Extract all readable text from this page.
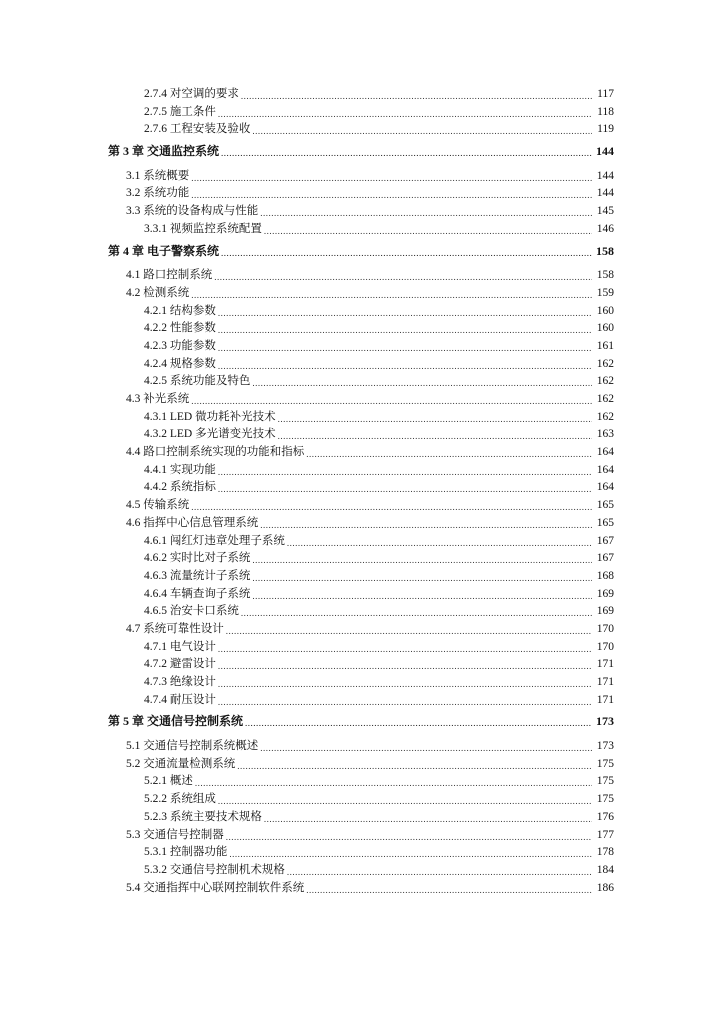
2.7.4 对空调的要求 .....	117
2.7.5 施工条件 .....	118
2.7.6 工程安装及验收 .....	119
第 3 章 交通监控系统 .....	144
3.1 系统概要 .....	144
3.2 系统功能 .....	144
3.3 系统的设备构成与性能 .....	145
3.3.1 视频监控系统配置 .....	146
第 4 章 电子警察系统 .....	158
4.1 路口控制系统 .....	158
4.2 检测系统 .....	159
4.2.1 结构参数 .....	160
4.2.2 性能参数 .....	160
4.2.3 功能参数 .....	161
4.2.4 规格参数 .....	162
4.2.5 系统功能及特色 .....	162
4.3 补光系统 .....	162
4.3.1 LED 微功耗补光技术 .....	162
4.3.2 LED 多光谱变光技术 .....	163
4.4 路口控制系统实现的功能和指标 .....	164
4.4.1 实现功能 .....	164
4.4.2 系统指标 .....	164
4.5 传输系统 .....	165
4.6 指挥中心信息管理系统 .....	165
4.6.1 闯红灯违章处理子系统 .....	167
4.6.2 实时比对子系统 .....	167
4.6.3 流量统计子系统 .....	168
4.6.4 车辆查询子系统 .....	169
4.6.5 治安卡口系统 .....	169
4.7 系统可靠性设计 .....	170
4.7.1 电气设计 .....	170
4.7.2 避雷设计 .....	171
4.7.3 绝缘设计 .....	171
4.7.4 耐压设计 .....	171
第 5 章 交通信号控制系统 .....	173
5.1 交通信号控制系统概述 .....	173
5.2 交通流量检测系统 .....	175
5.2.1 概述 .....	175
5.2.2 系统组成 .....	175
5.2.3 系统主要技术规格 .....	176
5.3 交通信号控制器 .....	177
5.3.1 控制器功能 .....	178
5.3.2 交通信号控制机术规格 .....	184
5.4 交通指挥中心联网控制软件系统 .....	186
